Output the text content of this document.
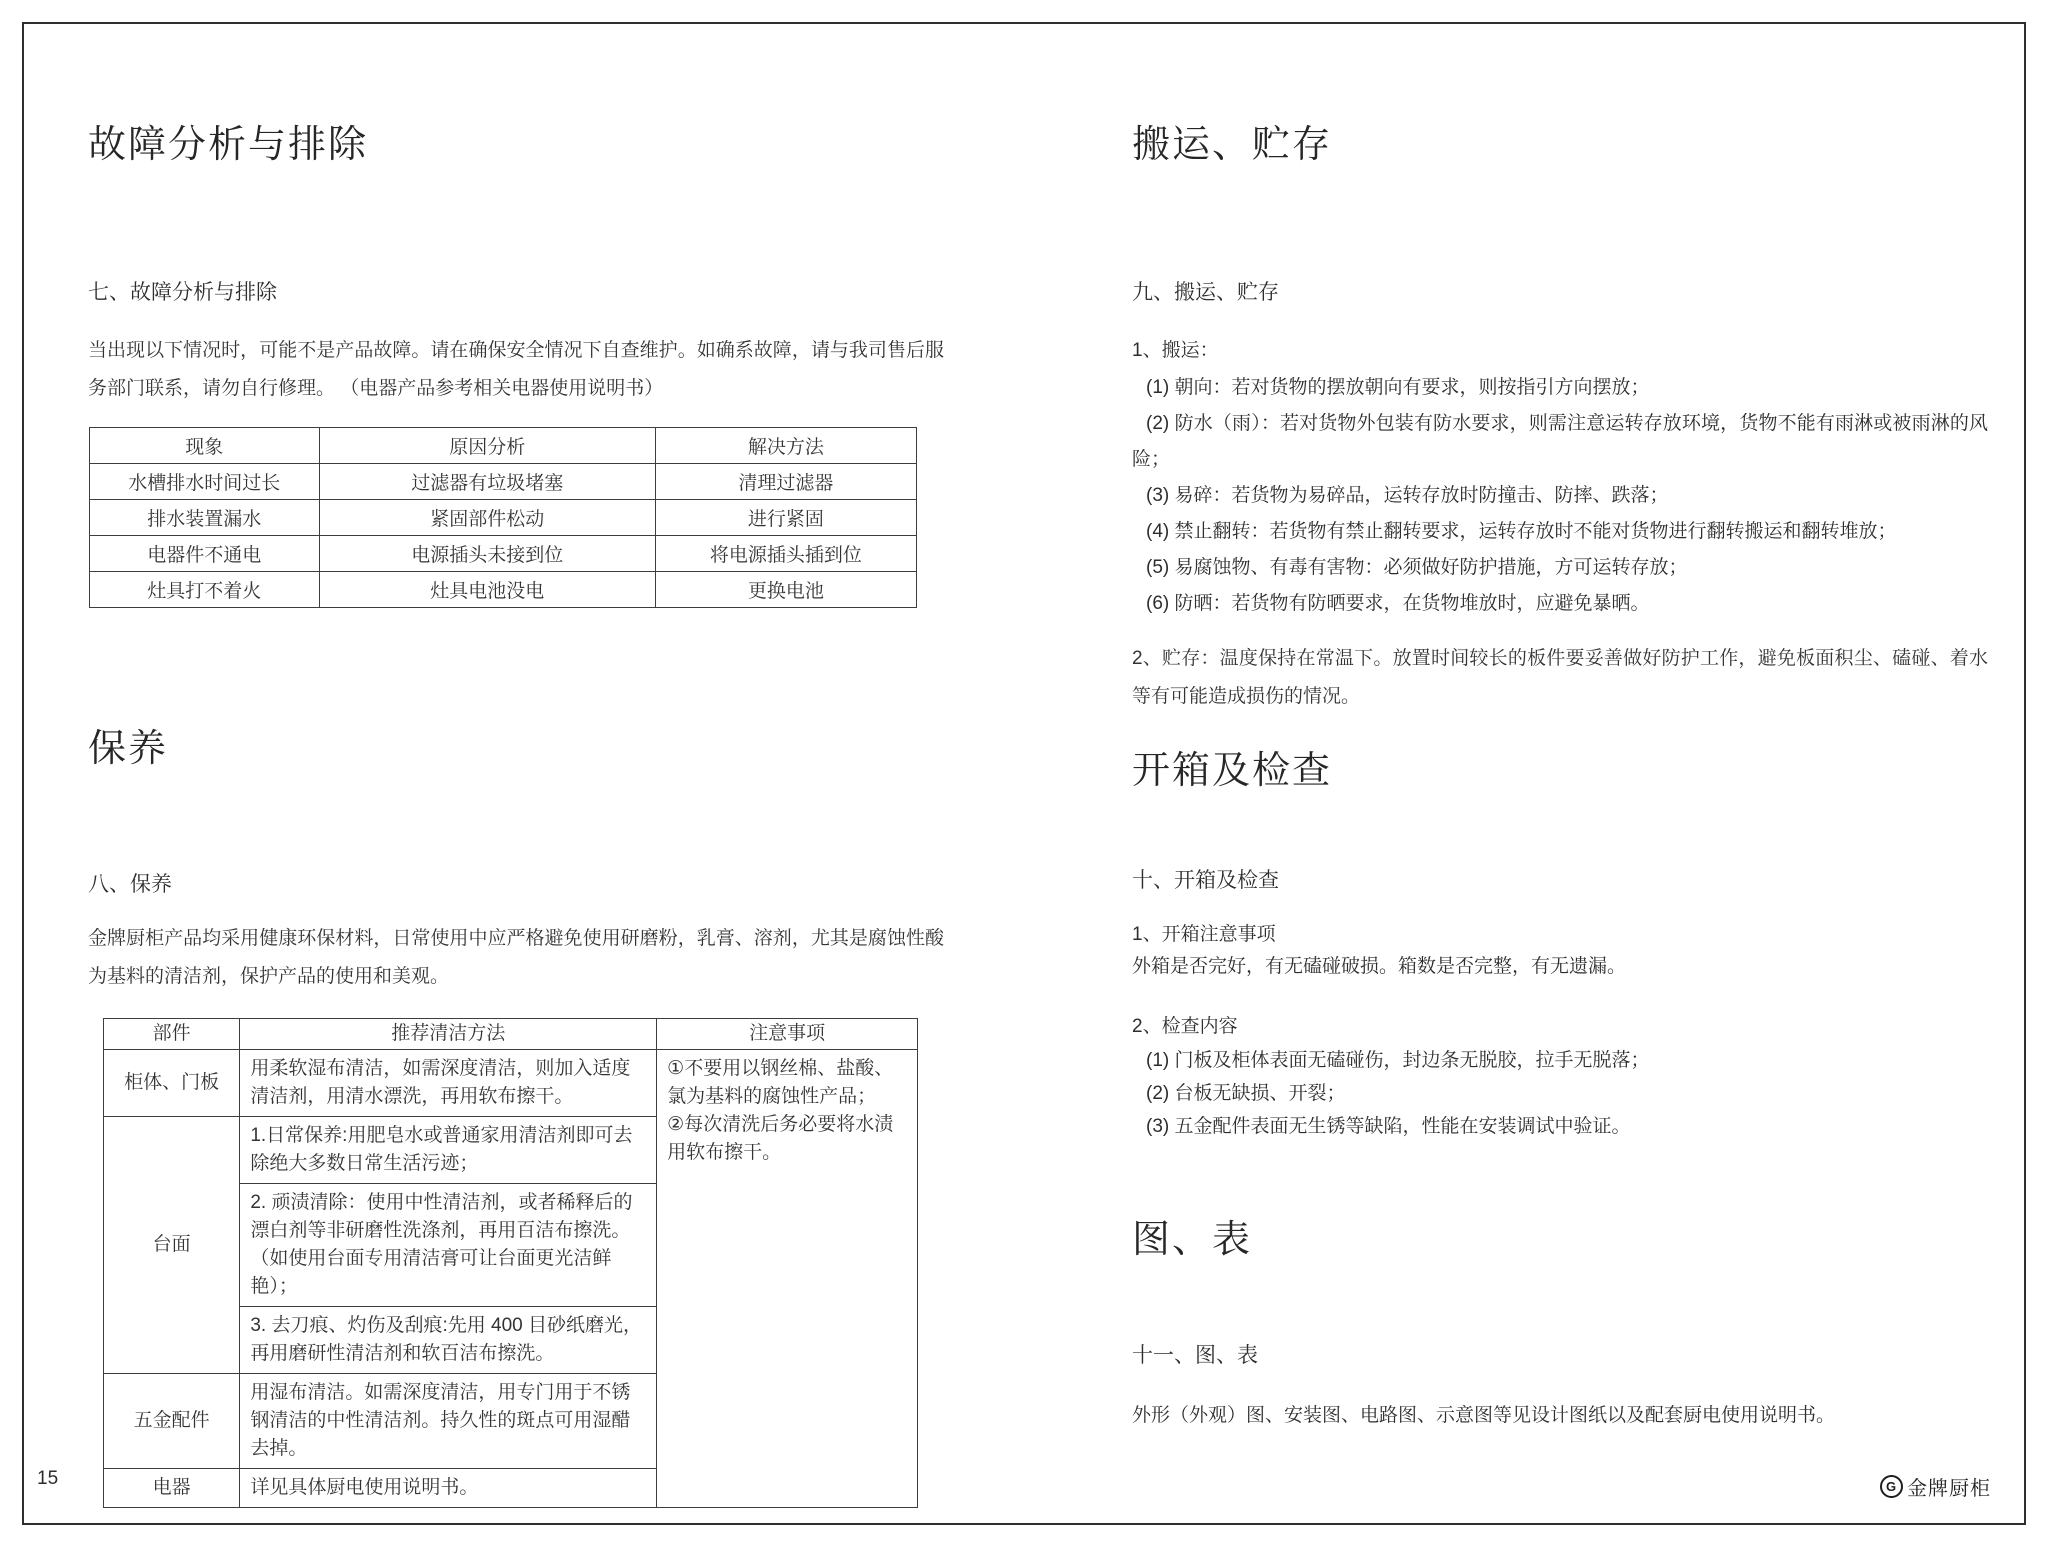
故障分析与排除
七、故障分析与排除

当出现以下情况时，可能不是产品故障。请在确保安全情况下自查维护。如确系故障，请与我司售后服务部门联系，请勿自行修理。 （电器产品参考相关电器使用说明书）

现象	原因分析	解决方法
水槽排水时间过长	过滤器有垃圾堵塞	清理过滤器
排水装置漏水	紧固部件松动	进行紧固
电器件不通电	电源插头未接到位	将电源插头插到位
灶具打不着火	灶具电池没电	更换电池
保养
八、保养

金牌厨柜产品均采用健康环保材料，日常使用中应严格避免使用研磨粉，乳膏、溶剂，尤其是腐蚀性酸为基料的清洁剂，保护产品的使用和美观。

部件	推荐清洁方法	注意事项
柜体、门板	用柔软湿布清洁，如需深度清洁，则加入适度清洁剂，用清水漂洗，再用软布擦干。	①不要用以钢丝棉、盐酸、氯为基料的腐蚀性产品；
②每次清洗后务必要将水渍用软布擦干。

台面	1.日常保养:用肥皂水或普通家用清洁剂即可去除绝大多数日常生活污迹；	
	2. 顽渍清除：使用中性清洁剂，或者稀释后的漂白剂等非研磨性洗涤剂，再用百洁布擦洗。 （如使用台面专用清洁膏可让台面更光洁鲜艳）；	
	3. 去刀痕、灼伤及刮痕:先用 400 目砂纸磨光，再用磨研性清洁剂和软百洁布擦洗。	
五金配件	用湿布清洁。如需深度清洁，用专门用于不锈钢清洁的中性清洁剂。持久性的斑点可用湿醋去掉。	
电器	详见具体厨电使用说明书。	
搬运、贮存
九、搬运、贮存
1、搬运：

(1) 朝向：若对货物的摆放朝向有要求，则按指引方向摆放；

(2) 防水（雨）：若对货物外包装有防水要求，则需注意运转存放环境，货物不能有雨淋或被雨淋的风险；

(3) 易碎：若货物为易碎品，运转存放时防撞击、防摔、跌落；

(4) 禁止翻转：若货物有禁止翻转要求，运转存放时不能对货物进行翻转搬运和翻转堆放；

(5) 易腐蚀物、有毒有害物：必须做好防护措施，方可运转存放；

(6) 防晒：若货物有防晒要求，在货物堆放时，应避免暴晒。

2、贮存：温度保持在常温下。放置时间较长的板件要妥善做好防护工作，避免板面积尘、磕碰、着水等有可能造成损伤的情况。

开箱及检查
十、开箱及检查
1、开箱注意事项
外箱是否完好，有无磕碰破损。箱数是否完整，有无遗漏。
2、检查内容

(1) 门板及柜体表面无磕碰伤，封边条无脱胶，拉手无脱落；

(2) 台板无缺损、开裂；

(3) 五金配件表面无生锈等缺陷，性能在安装调试中验证。

图、表
十一、图、表
外形（外观）图、安装图、电路图、示意图等见设计图纸以及配套厨电使用说明书。
15	G 金牌厨柜
